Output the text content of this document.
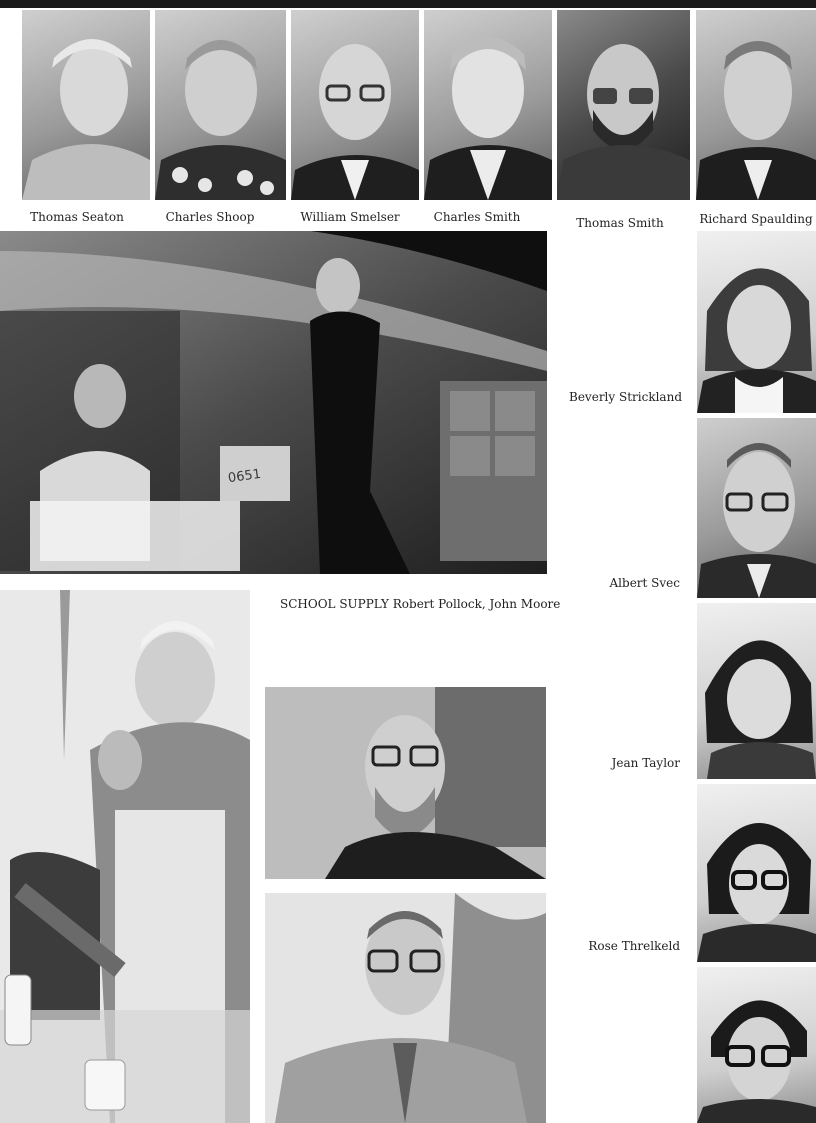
Thomas Seaton	Charles Shoop	William Smelser	Charles Smith	Thomas Smith	Richard Spaulding
0651
SCHOOL SUPPLY Robert Pollock, John Moore
Beverly Strickland
Albert Svec
Jean Taylor
Rose Threlkeld
